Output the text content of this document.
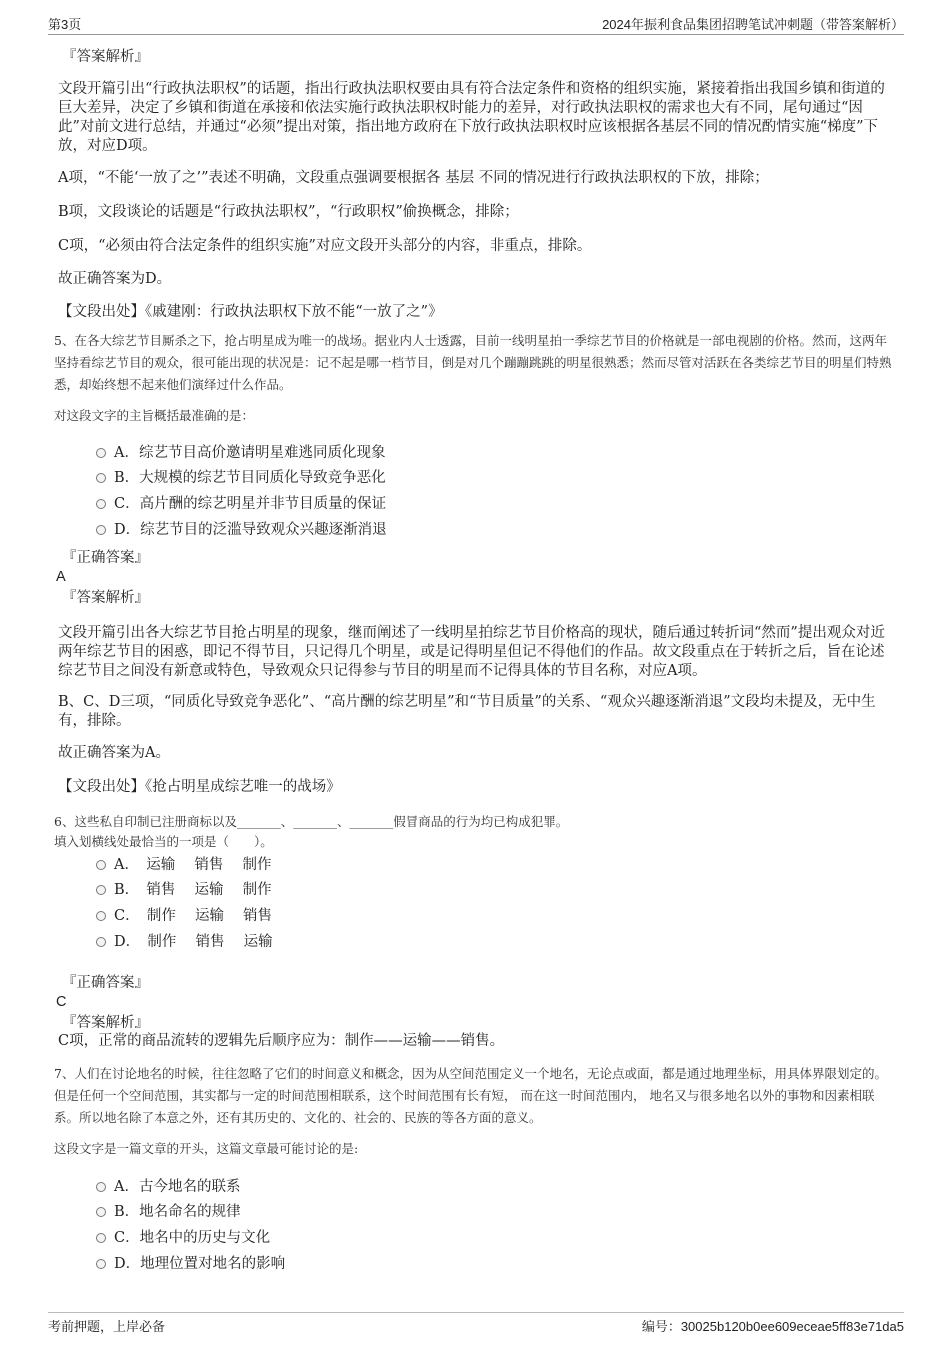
第3页	2024年振利食品集团招聘笔试冲刺题（带答案解析）

『答案解析』

文段开篇引出“行政执法职权”的话题，指出行政执法职权要由具有符合法定条件和资格的组织实施，紧接着指出我国乡镇和街道的巨大差异，决定了乡镇和街道在承接和依法实施行政执法职权时能力的差异，对行政执法职权的需求也大有不同，尾句通过“因此”对前文进行总结，并通过“必须”提出对策，指出地方政府在下放行政执法职权时应该根据各基层不同的情况酌情实施“梯度”下放，对应D项。

A项，“不能‘一放了之’”表述不明确，文段重点强调要根据各 基层 不同的情况进行行政执法职权的下放，排除；

B项，文段谈论的话题是“行政执法职权”，“行政职权”偷换概念，排除；

C项，“必须由符合法定条件的组织实施”对应文段开头部分的内容，非重点，排除。

故正确答案为D。

【文段出处】《戚建刚：行政执法职权下放不能“一放了之”》

5、在各大综艺节目厮杀之下，抢占明星成为唯一的战场。据业内人士透露，目前一线明星拍一季综艺节目的价格就是一部电视剧的价格。然而，这两年坚持看综艺节目的观众，很可能出现的状况是：记不起是哪一档节目，倒是对几个蹦蹦跳跳的明星很熟悉；然而尽管对活跃在各类综艺节目的明星们特熟悉，却始终想不起来他们演绎过什么作品。

对这段文字的主旨概括最准确的是：

A．综艺节目高价邀请明星难逃同质化现象
B．大规模的综艺节目同质化导致竞争恶化
C．高片酬的综艺明星并非节目质量的保证
D．综艺节目的泛滥导致观众兴趣逐渐消退

『正确答案』

A

『答案解析』

文段开篇引出各大综艺节目抢占明星的现象，继而阐述了一线明星拍综艺节目价格高的现状，随后通过转折词“然而”提出观众对近两年综艺节目的困惑，即记不得节目，只记得几个明星，或是记得明星但记不得他们的作品。故文段重点在于转折之后，旨在论述综艺节目之间没有新意或特色，导致观众只记得参与节目的明星而不记得具体的节目名称，对应A项。

B、C、D三项，“同质化导致竞争恶化”、“高片酬的综艺明星”和“节目质量”的关系、“观众兴趣逐渐消退”文段均未提及，无中生有，排除。

故正确答案为A。

【文段出处】《抢占明星成综艺唯一的战场》

6、这些私自印制已注册商标以及_______、_______、_______假冒商品的行为均已构成犯罪。

填入划横线处最恰当的一项是（　　）。

A．　运输　 销售　 制作
B．　销售　 运输　 制作
C．　制作　 运输　 销售
D．　制作　 销售　 运输

『正确答案』

C

『答案解析』

C项，正常的商品流转的逻辑先后顺序应为：制作——运输——销售。

7、人们在讨论地名的时候，往往忽略了它们的时间意义和概念，因为从空间范围定义一个地名，无论点或面，都是通过地理坐标，用具体界限划定的。但是任何一个空间范围，其实都与一定的时间范围相联系，这个时间范围有长有短， 而在这一时间范围内， 地名又与很多地名以外的事物和因素相联系。所以地名除了本意之外，还有其历史的、文化的、社会的、民族的等各方面的意义。

这段文字是一篇文章的开头，这篇文章最可能讨论的是:

A．古今地名的联系
B．地名命名的规律
C．地名中的历史与文化
D．地理位置对地名的影响
考前押题，上岸必备	编号：30025b120b0ee609eceae5ff83e71da5
